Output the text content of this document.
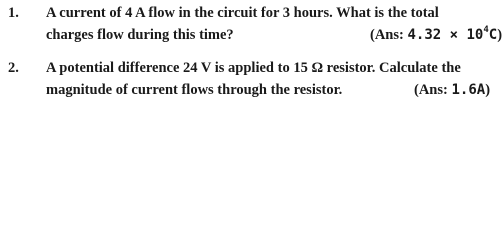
1. A current of 4 A flow in the circuit for 3 hours. What is the total
charges flow during this time?	(Ans: $4.32 \times 10^4C$)
2. A potential difference 24 V is applied to 15 Ω resistor. Calculate the
magnitude of current flows through the resistor.	(Ans: 1.6A)
